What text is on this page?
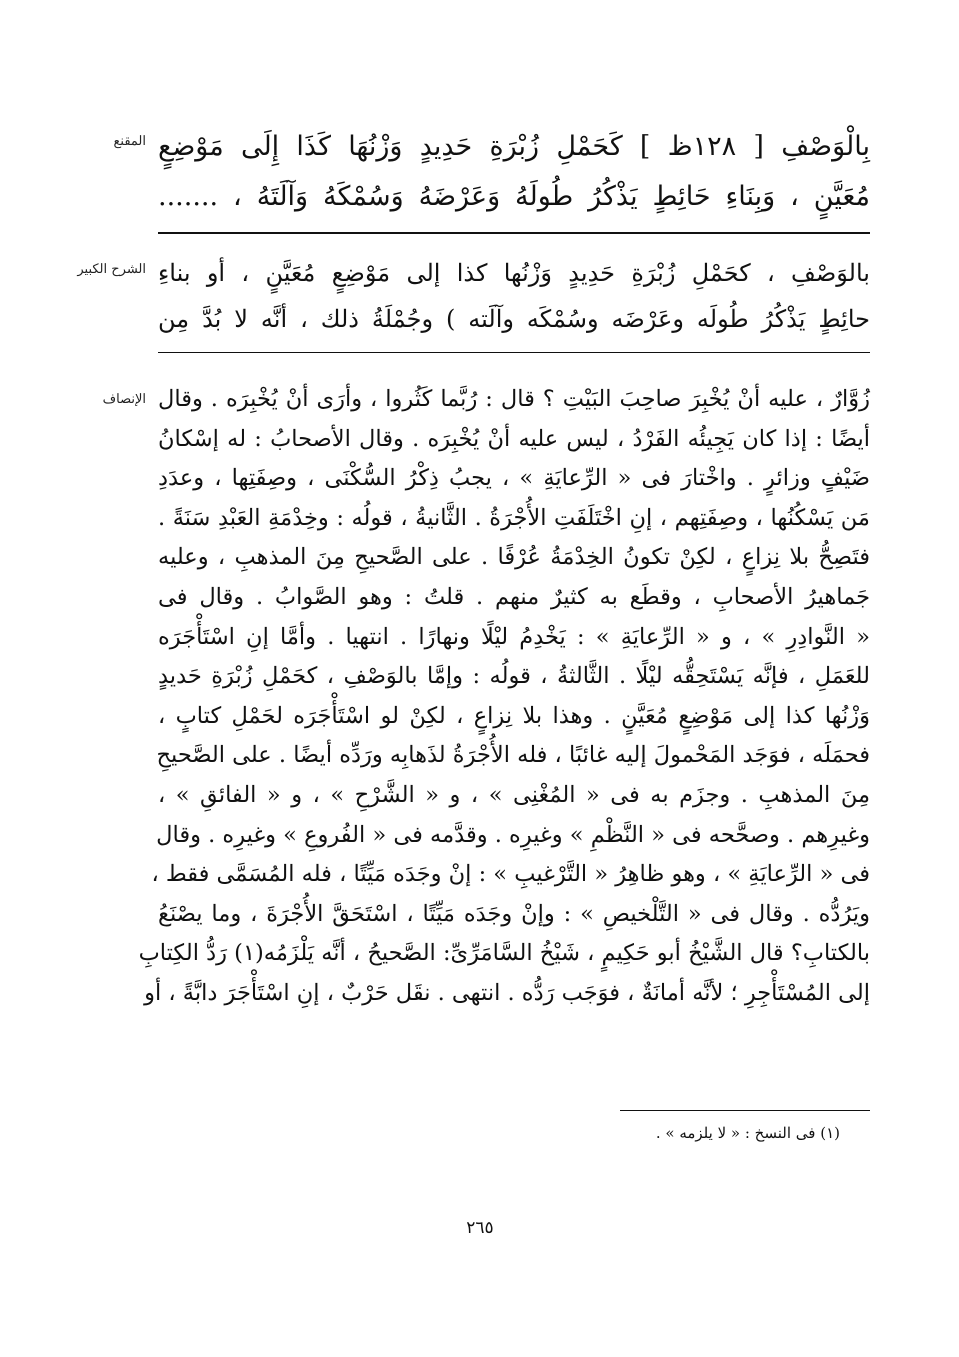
المقنع بِالْوَصْفِ [ ١٢٨ظ ] كَحَمْلِ زُبْرَةِ حَدِيدٍ وَزْنُهَا كَذَا إِلَى مَوْضِعٍ
مُعَيَّنٍ ، وَبِنَاءِ حَائِطٍ يَذْكُرُ طُولَهُ وَعَرْضَهُ وَسُمْكَهُ وَآلَتَهُ ، .......
الشرح الكبير بالوَصْفِ ، كحَمْلِ زُبْرَةِ حَدِيدٍ وَزْنُها كذا إلى مَوْضِعٍ مُعَيَّنٍ ، أو بناءِ
حائِطٍ يَذْكُرُ طُولَه وعَرْضَه وسُمْكَه وآلَته ) وجُمْلَةُ ذلك ، أنَّه لا بُدَّ مِن
الإنصاف زُوَّارٌ ، عليه أنْ يُخْبِرَ صاحِبَ البَيْتِ ؟ قال : رُبَّما كَثُروا ، وأرَى أنْ يُخْبِرَه . وقال
أيضًا : إذا كان يَجِيئُه الفَرْدُ ، ليس عليه أنْ يُخْبِرَه . وقال الأصحابُ : له إسْكانُ
ضَيْفٍ وزائرٍ . واخْتارَ فى « الرِّعايَةِ » ، يجبُ ذِكْرُ السُّكْنَى ، وصِفَتِها ، وعدَدِ
مَن يَسْكُنُها ، وصِفَتِهم ، إنِ اخْتَلَفَتِ الأُجْرَةُ . الثَّانيةُ ، قولُه : وخِدْمَةِ العَبْدِ سَنَةً .
فتَصِحُّ بلا نِزاعٍ ، لكِنْ تكونُ الخِدْمَةُ عُرْفًا . على الصَّحيحِ مِنَ المذهبِ ، وعليه
جَماهيرُ الأصحابِ ، وقطَع به كثيرٌ منهم . قلتُ : وهو الصَّوابُ . وقال فى
« النَّوادِرِ » ، و « الرِّعايَةِ » : يَخْدِمُ ليْلًا ونهارًا . انتهيا . وأمَّا إنِ اسْتَأْجَرَه
للعَمَلِ ، فإنَّه يَسْتَحِقُّه ليْلًا . الثَّالثةُ ، قولُه : وإمَّا بالوَصْفِ ، كحَمْلِ زُبْرَةِ حَديدٍ
وَزْنُها كذا إلى مَوْضِعٍ مُعَيَّنٍ . وهذا بلا نِزاعٍ ، لكِنْ لو اسْتَأْجَرَه لحَمْلِ كتابٍ ،
فحمَلَه ، فوَجَد المَحْمولَ إليه غائبًا ، فله الأُجْرَةُ لذَهابِه ورَدِّه أيضًا . على الصَّحيحِ
مِنَ المذهبِ . وجزَم به فى « المُغْنِى » ، و « الشَّرْحِ » ، و « الفائقِ » ،
وغيرِهم . وصحَّحه فى « النَّظْمِ » وغيرِه . وقدَّمه فى « الفُروعِ » وغيرِه . وقال
فى « الرِّعايَةِ » ، وهو ظاهِرُ « التَّرْغيبِ » : إنْ وجَدَه مَيِّتًا ، فله المُسَمَّى فقط ،
ويَرُدُّه . وقال فى « التَّلْخيصِ » : وإنْ وجَدَه مَيِّتًا ، اسْتَحَقَّ الأُجْرَةَ ، وما يصْنَعُ
بالكتابِ؟ قال الشَّيْخُ أبو حَكِيمٍ ، شَيْخُ السَّامَرِّىِّ: الصَّحيحُ ، أنَّه يَلْزَمُه(١) رَدُّ الكِتابِ
إلى المُسْتَأْجِرِ ؛ لأنَّه أمانَةٌ ، فوَجَب رَدُّه . انتهى . نقَل حَرْبٌ ، إنِ اسْتَأْجَرَ دابَّةً ، أو
(١) فى النسخ : « لا يلزمه » .
٢٦٥
